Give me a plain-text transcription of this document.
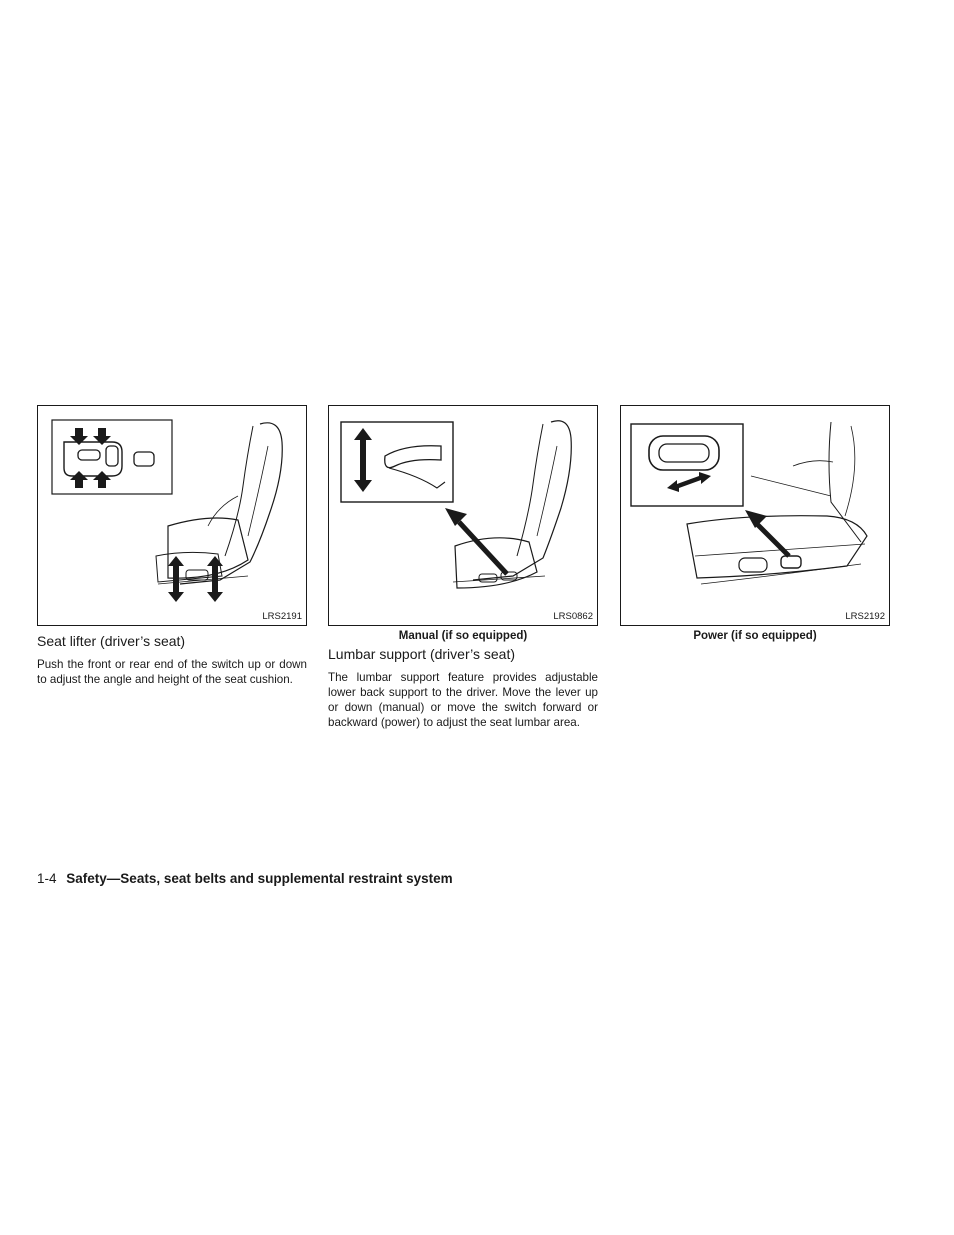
LRS2191
Seat lifter (driver’s seat)
Push the front or rear end of the switch up or down to adjust the angle and height of the seat cushion.
LRS0862
Manual (if so equipped)
Lumbar support (driver’s seat)
The lumbar support feature provides adjustable lower back support to the driver. Move the lever up or down (manual) or move the switch forward or backward (power) to adjust the seat lumbar area.
LRS2192
Power (if so equipped)
1-4 Safety—Seats, seat belts and supplemental restraint system
